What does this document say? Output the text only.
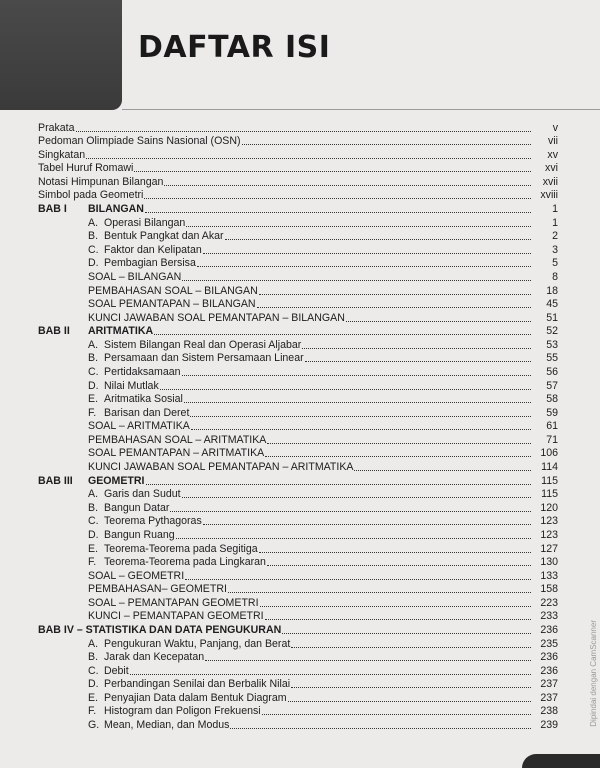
DAFTAR ISI
Prakata	v
Pedoman Olimpiade Sains Nasional (OSN)	vii
Singkatan	xv
Tabel Huruf Romawi	xvi
Notasi Himpunan Bilangan	xvii
Simbol pada Geometri	xviii
BAB I	BILANGAN	1
A. Operasi Bilangan	1
B. Bentuk Pangkat dan Akar	2
C. Faktor dan Kelipatan	3
D. Pembagian Bersisa	5
SOAL – BILANGAN	8
PEMBAHASAN SOAL – BILANGAN	18
SOAL PEMANTAPAN – BILANGAN	45
KUNCI JAWABAN SOAL PEMANTAPAN – BILANGAN	51
BAB II	ARITMATIKA	52
A. Sistem Bilangan Real dan Operasi Aljabar	53
B. Persamaan dan Sistem Persamaan Linear	55
C. Pertidaksamaan	56
D. Nilai Mutlak	57
E. Aritmatika Sosial	58
F. Barisan dan Deret	59
SOAL – ARITMATIKA	61
PEMBAHASAN SOAL – ARITMATIKA	71
SOAL PEMANTAPAN – ARITMATIKA	106
KUNCI JAWABAN SOAL PEMANTAPAN – ARITMATIKA	114
BAB III	GEOMETRI	115
A. Garis dan Sudut	115
B. Bangun Datar	120
C. Teorema Pythagoras	123
D. Bangun Ruang	123
E. Teorema-Teorema pada Segitiga	127
F. Teorema-Teorema pada Lingkaran	130
SOAL – GEOMETRI	133
PEMBAHASAN– GEOMETRI	158
SOAL – PEMANTAPAN GEOMETRI	223
KUNCI – PEMANTAPAN GEOMETRI	233
BAB IV – STATISTIKA DAN DATA PENGUKURAN	236
A. Pengukuran Waktu, Panjang, dan Berat	235
B. Jarak dan Kecepatan	236
C. Debit	236
D. Perbandingan Senilai dan Berbalik Nilai	237
E. Penyajian Data dalam Bentuk Diagram	237
F. Histogram dan Poligon Frekuensi	238
G. Mean, Median, dan Modus	239	Dipindai dengan CamScanner
